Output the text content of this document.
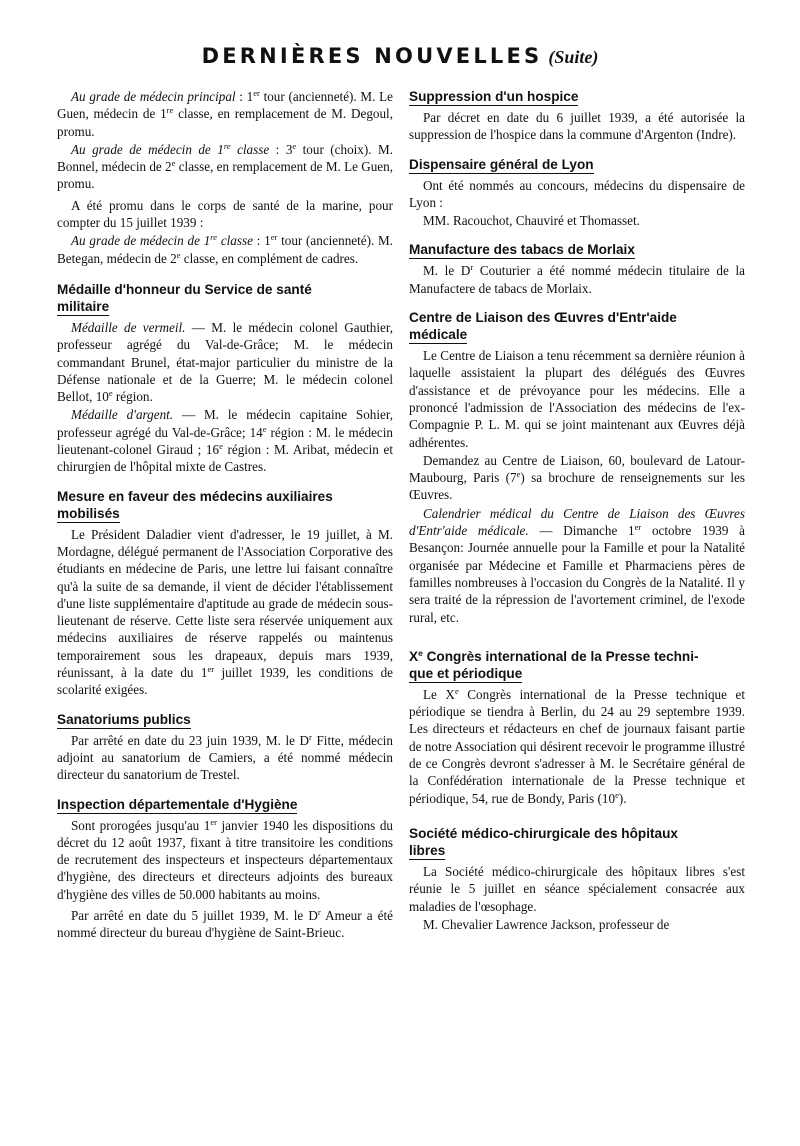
DERNIÈRES NOUVELLES (Suite)

Au grade de médecin principal : 1er tour (ancienneté). M. Le Guen, médecin de 1re classe, en remplacement de M. Degoul, promu.

Au grade de médecin de 1re classe : 3e tour (choix). M. Bonnel, médecin de 2e classe, en remplacement de M. Le Guen, promu.

A été promu dans le corps de santé de la marine, pour compter du 15 juillet 1939 :

Au grade de médecin de 1re classe : 1er tour (ancienneté). M. Betegan, médecin de 2e classe, en complément de cadres.

Médaille d'honneur du Service de santé
militaire

Médaille de vermeil. — M. le médecin colonel Gauthier, professeur agrégé du Val-de-Grâce; M. le médecin commandant Brunel, état-major particulier du ministre de la Défense nationale et de la Guerre; M. le médecin colonel Bellot, 10e région.

Médaille d'argent. — M. le médecin capitaine Sohier, professeur agrégé du Val-de-Grâce; 14e région : M. le médecin lieutenant-colonel Giraud ; 16e région : M. Aribat, médecin et chirurgien de l'hôpital mixte de Castres.

Mesure en faveur des médecins auxiliaires
mobilisés

Le Président Daladier vient d'adresser, le 19 juillet, à M. Mordagne, délégué permanent de l'Association Corporative des étudiants en médecine de Paris, une lettre lui faisant connaître qu'à la suite de sa demande, il vient de décider l'établissement d'une liste supplémentaire d'aptitude au grade de médecin sous-lieutenant de réserve. Cette liste sera réservée uniquement aux médecins auxiliaires de réserve rappelés ou maintenus temporairement sous les drapeaux, depuis mars 1939, réunissant, à la date du 1er juillet 1939, les conditions de scolarité exigées.

Sanatoriums publics

Par arrêté en date du 23 juin 1939, M. le $D^r$ Fitte, médecin adjoint au sanatorium de Camiers, a été nommé médecin directeur du sanatorium de Trestel.

Inspection départementale d'Hygiène

Sont prorogées jusqu'au 1er janvier 1940 les dispositions du décret du 12 août 1937, fixant à titre transitoire les conditions de recrutement des inspecteurs et inspecteurs départementaux d'hygiène, des directeurs et directeurs adjoints des bureaux d'hygiène des villes de 50.000 habitants au moins.

Par arrêté en date du 5 juillet 1939, M. le $D^r$ Ameur a été nommé directeur du bureau d'hygiène de Saint-Brieuc.

Suppression d'un hospice

Par décret en date du 6 juillet 1939, a été autorisée la suppression de l'hospice dans la commune d'Argenton (Indre).

Dispensaire général de Lyon

Ont été nommés au concours, médecins du dispensaire de Lyon :

MM. Racouchot, Chauviré et Thomasset.

Manufacture des tabacs de Morlaix

M. le $D^r$ Couturier a été nommé médecin titulaire de la Manufactere de tabacs de Morlaix.

Centre de Liaison des Œuvres d'Entr'aide
médicale

Le Centre de Liaison a tenu récemment sa dernière réunion à laquelle assistaient la plupart des délégués des Œuvres d'assistance et de prévoyance pour les médecins. Elle a prononcé l'admission de l'Association des médecins de l'ex-Compagnie P. L. M. qui se joint maintenant aux Œuvres déjà adhérentes.

Demandez au Centre de Liaison, 60, boulevard de Latour-Maubourg, Paris (7e) sa brochure de renseignements sur les Œuvres.

Calendrier médical du Centre de Liaison des Œuvres d'Entr'aide médicale. — Dimanche 1er octobre 1939 à Besançon: Journée annuelle pour la Famille et pour la Natalité organisée par Médecine et Famille et Pharmaciens pères de familles nombreuses à l'occasion du Congrès de la Natalité. Il y sera traité de la répression de l'avortement criminel, de l'exode rural, etc.

Xe Congrès international de la Presse techni-
que et périodique

Le Xe Congrès international de la Presse technique et périodique se tiendra à Berlin, du 24 au 29 septembre 1939. Les directeurs et rédacteurs en chef de journaux faisant partie de notre Association qui désirent recevoir le programme illustré de ce Congrès devront s'adresser à M. le Secrétaire général de la Confédération internationale de la Presse technique et périodique, 54, rue de Bondy, Paris (10e).

Société médico-chirurgicale des hôpitaux
libres

La Société médico-chirurgicale des hôpitaux libres s'est réunie le 5 juillet en séance spécialement consacrée aux maladies de l'œsophage.

M. Chevalier Lawrence Jackson, professeur de
